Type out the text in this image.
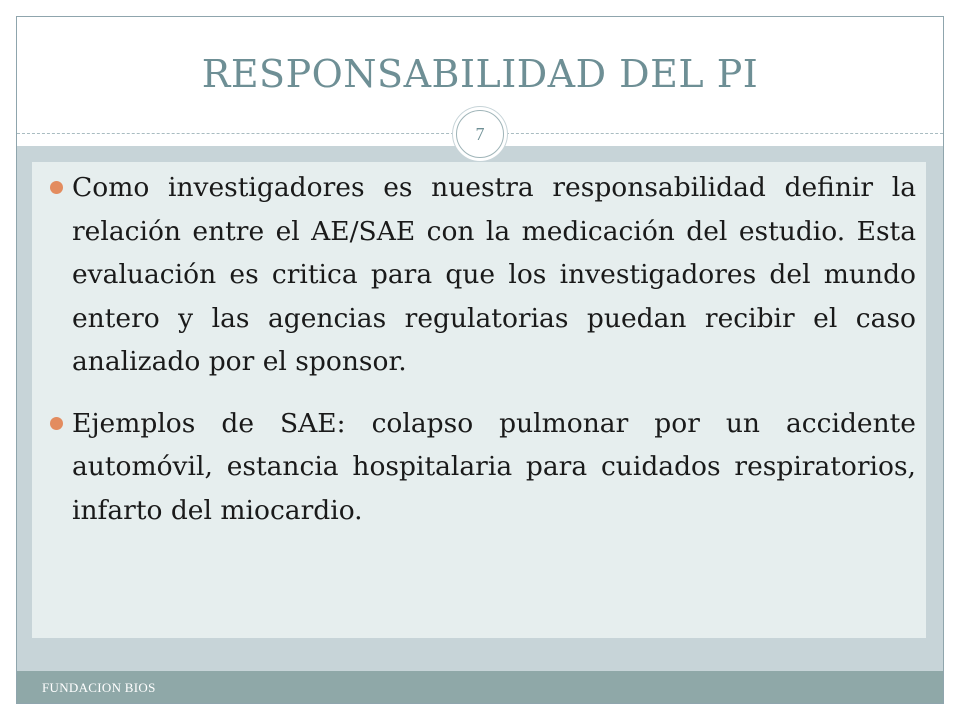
RESPONSABILIDAD DEL PI
7
Como investigadores es nuestra responsabilidad definir la relación entre el AE/SAE con la medicación del estudio. Esta evaluación es critica para que los investigadores del mundo entero y las agencias regulatorias puedan recibir el caso analizado por el sponsor.
Ejemplos de SAE: colapso pulmonar por un accidente automóvil, estancia hospitalaria para cuidados respiratorios, infarto del miocardio.
FUNDACION BIOS
